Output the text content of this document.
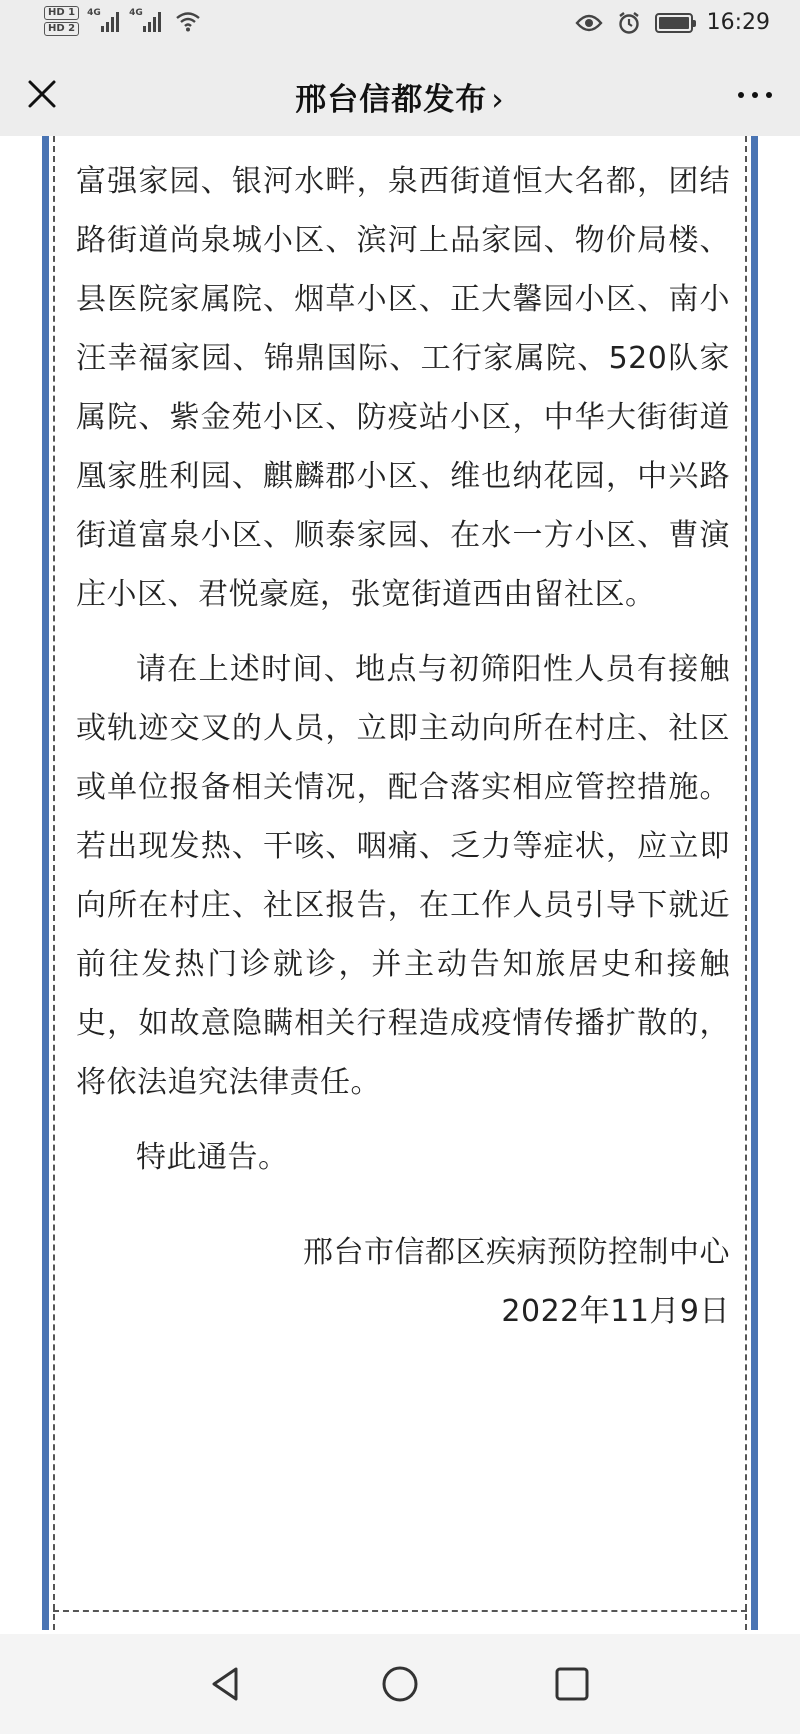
HD 1
HD 2
4G	4G	16:29
邢台信都发布 ›

富强家园、银河水畔，泉西街道恒大名都，团结路街道尚泉城小区、滨河上品家园、物价局楼、县医院家属院、烟草小区、正大馨园小区、南小汪幸福家园、锦鼎国际、工行家属院、520队家属院、紫金苑小区、防疫站小区，中华大街街道凰家胜利园、麒麟郡小区、维也纳花园，中兴路街道富泉小区、顺泰家园、在水一方小区、曹演庄小区、君悦豪庭，张宽街道西由留社区。

请在上述时间、地点与初筛阳性人员有接触或轨迹交叉的人员，立即主动向所在村庄、社区或单位报备相关情况，配合落实相应管控措施。若出现发热、干咳、咽痛、乏力等症状，应立即向所在村庄、社区报告，在工作人员引导下就近前往发热门诊就诊，并主动告知旅居史和接触史，如故意隐瞒相关行程造成疫情传播扩散的，将依法追究法律责任。

特此通告。

邢台市信都区疾病预防控制中心

2022年11月9日
